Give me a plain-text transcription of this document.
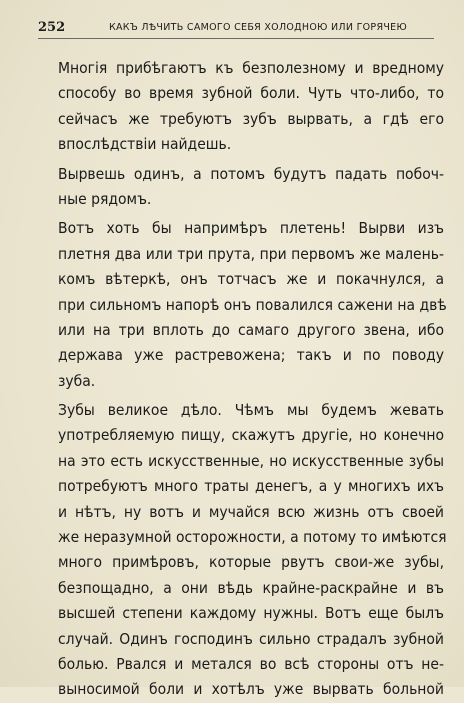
252	КАКЪ ЛѢЧИТЬ САМОГО СЕБЯ ХОЛОДНОЮ ИЛИ ГОРЯЧЕЮ

Многія прибѣгаютъ къ безполезному и вредному
способу во время зубной боли. Чуть что-либо, то
сейчасъ же требуютъ зубъ вырвать, а гдѣ его
впослѣдствіи найдешь.

Вырвешь одинъ, а потомъ будутъ падать побоч-
ные рядомъ.

Вотъ хоть бы напримѣръ плетень! Вырви изъ
плетня два или три прута, при первомъ же малень-
комъ вѣтеркѣ, онъ тотчасъ же и покачнулся, а
при сильномъ напорѣ онъ повалился сажени на двѣ
или на три вплоть до самаго другого звена, ибо
держава уже растревожена; такъ и по поводу
зуба.

Зубы великое дѣло. Чѣмъ мы будемъ жевать
употребляемую пищу, скажутъ другіе, но конечно
на это есть искусственные, но искусственные зубы
потребуютъ много траты денегъ, а у многихъ ихъ
и нѣтъ, ну вотъ и мучайся всю жизнь отъ своей
же неразумной осторожности, а потому то имѣются
много примѣровъ, которые рвутъ свои-же зубы,
безпощадно, а они вѣдь крайне-раскрайне и въ
высшей степени каждому нужны. Вотъ еще былъ
случай. Одинъ господинъ сильно страдалъ зубной
болью. Рвался и метался во всѣ стороны отъ не-
выносимой боли и хотѣлъ уже вырвать больной
